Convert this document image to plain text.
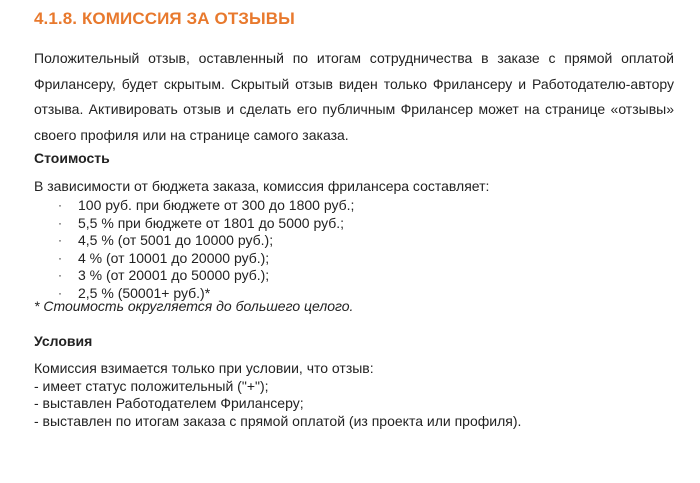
4.1.8. КОМИССИЯ ЗА ОТЗЫВЫ

Положительный отзыв, оставленный по итогам сотрудничества в заказе с прямой оплатой Фрилансеру, будет скрытым. Скрытый отзыв виден только Фрилансеру и Работодателю-автору отзыва. Активировать отзыв и сделать его публичным Фрилансер может на странице «отзывы» своего профиля или на странице самого заказа.

Стоимость

В зависимости от бюджета заказа, комиссия фрилансера составляет:

· 100 руб. при бюджете от 300 до 1800 руб.;
· 5,5 % при бюджете от 1801 до 5000 руб.;
· 4,5 % (от 5001 до 10000 руб.);
· 4 % (от 10001 до 20000 руб.);
· 3 % (от 20001 до 50000 руб.);
· 2,5 % (50001+ руб.)*

* Стоимость округляется до большего целого.

Условия
Комиссия взимается только при условии, что отзыв:
- имеет статус положительный ("+");
- выставлен Работодателем Фрилансеру;
- выставлен по итогам заказа с прямой оплатой (из проекта или профиля).
